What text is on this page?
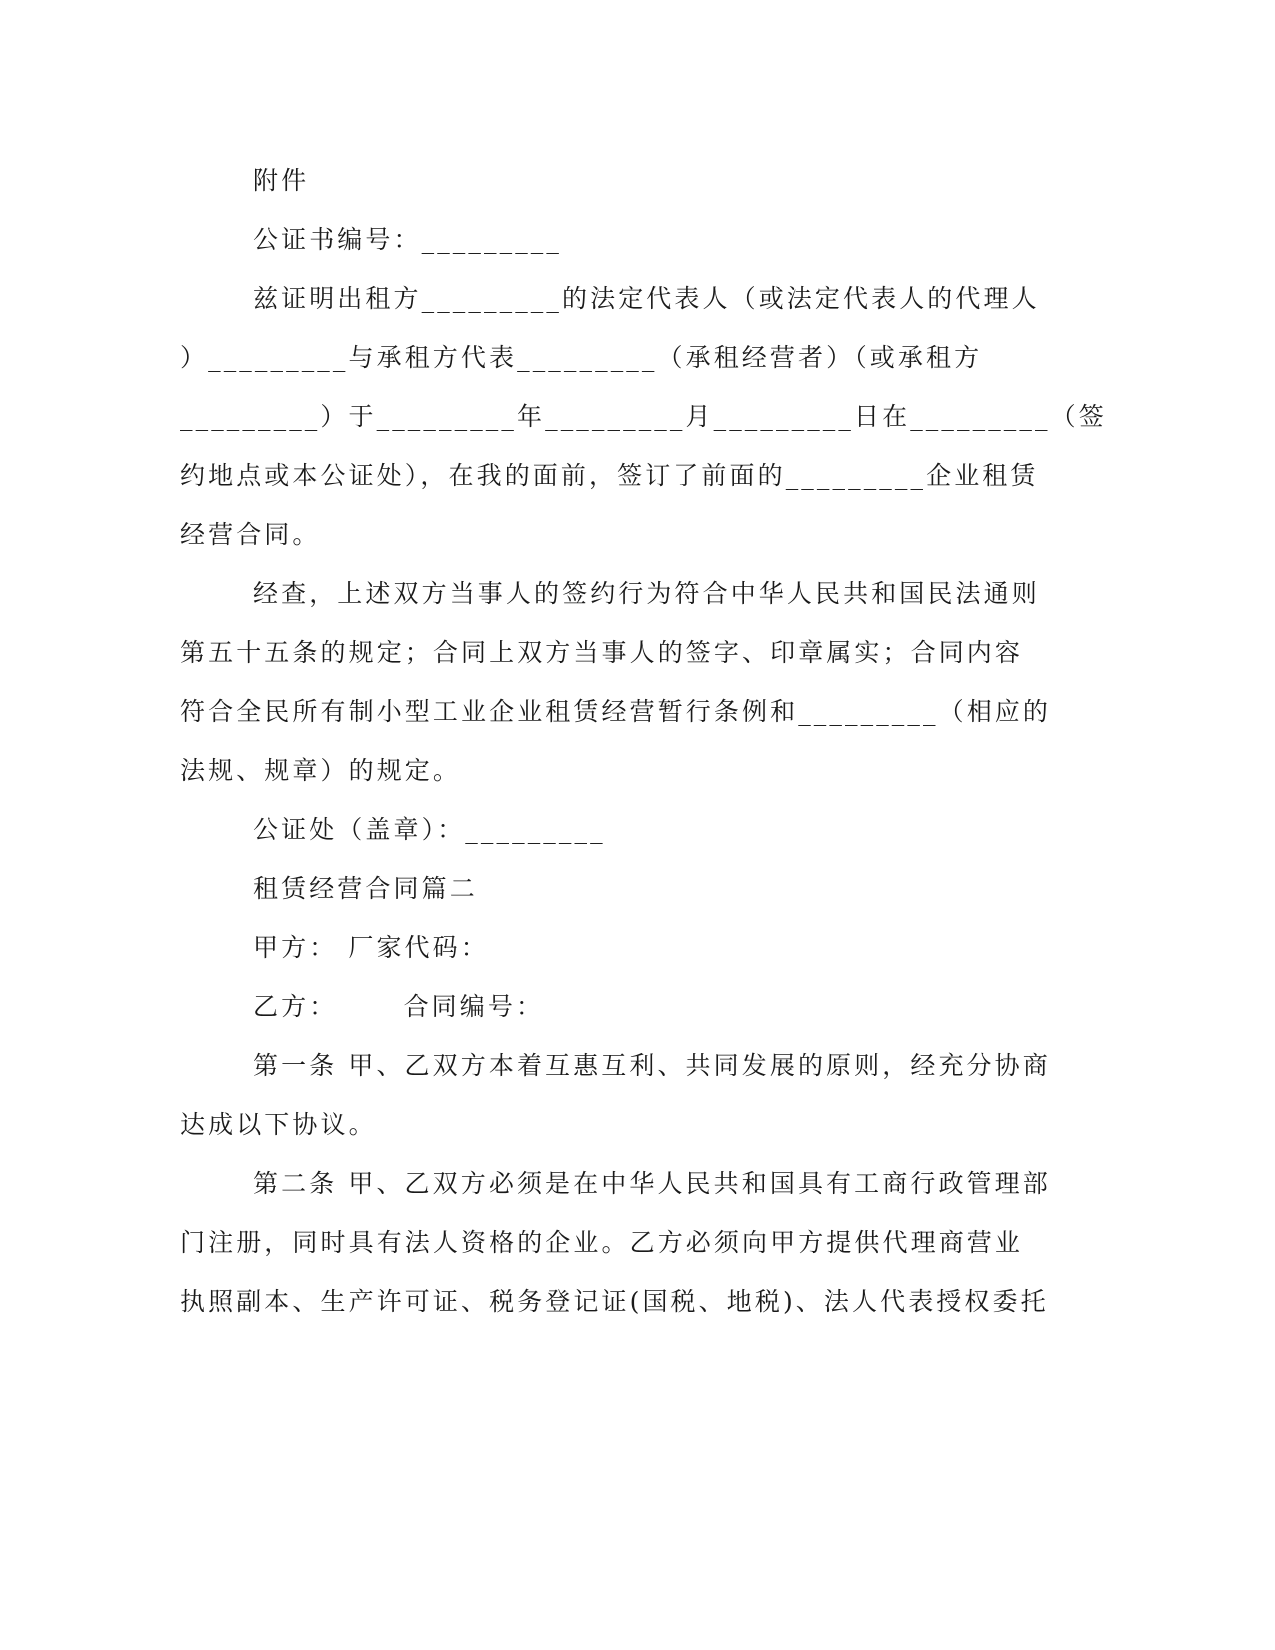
附件

公证书编号：_________

兹证明出租方_________的法定代表人（或法定代表人的代理人

）_________与承租方代表_________（承租经营者）（或承租方

_________）于_________年_________月_________日在_________（签

约地点或本公证处），在我的面前，签订了前面的_________企业租赁

经营合同。

经查，上述双方当事人的签约行为符合中华人民共和国民法通则

第五十五条的规定；合同上双方当事人的签字、印章属实；合同内容

符合全民所有制小型工业企业租赁经营暂行条例和_________（相应的

法规、规章）的规定。

公证处（盖章）：_________

租赁经营合同篇二

甲方： 厂家代码：

乙方：      合同编号：

第一条 甲、乙双方本着互惠互利、共同发展的原则，经充分协商

达成以下协议。

第二条 甲、乙双方必须是在中华人民共和国具有工商行政管理部

门注册，同时具有法人资格的企业。乙方必须向甲方提供代理商营业

执照副本、生产许可证、税务登记证(国税、地税)、法人代表授权委托
